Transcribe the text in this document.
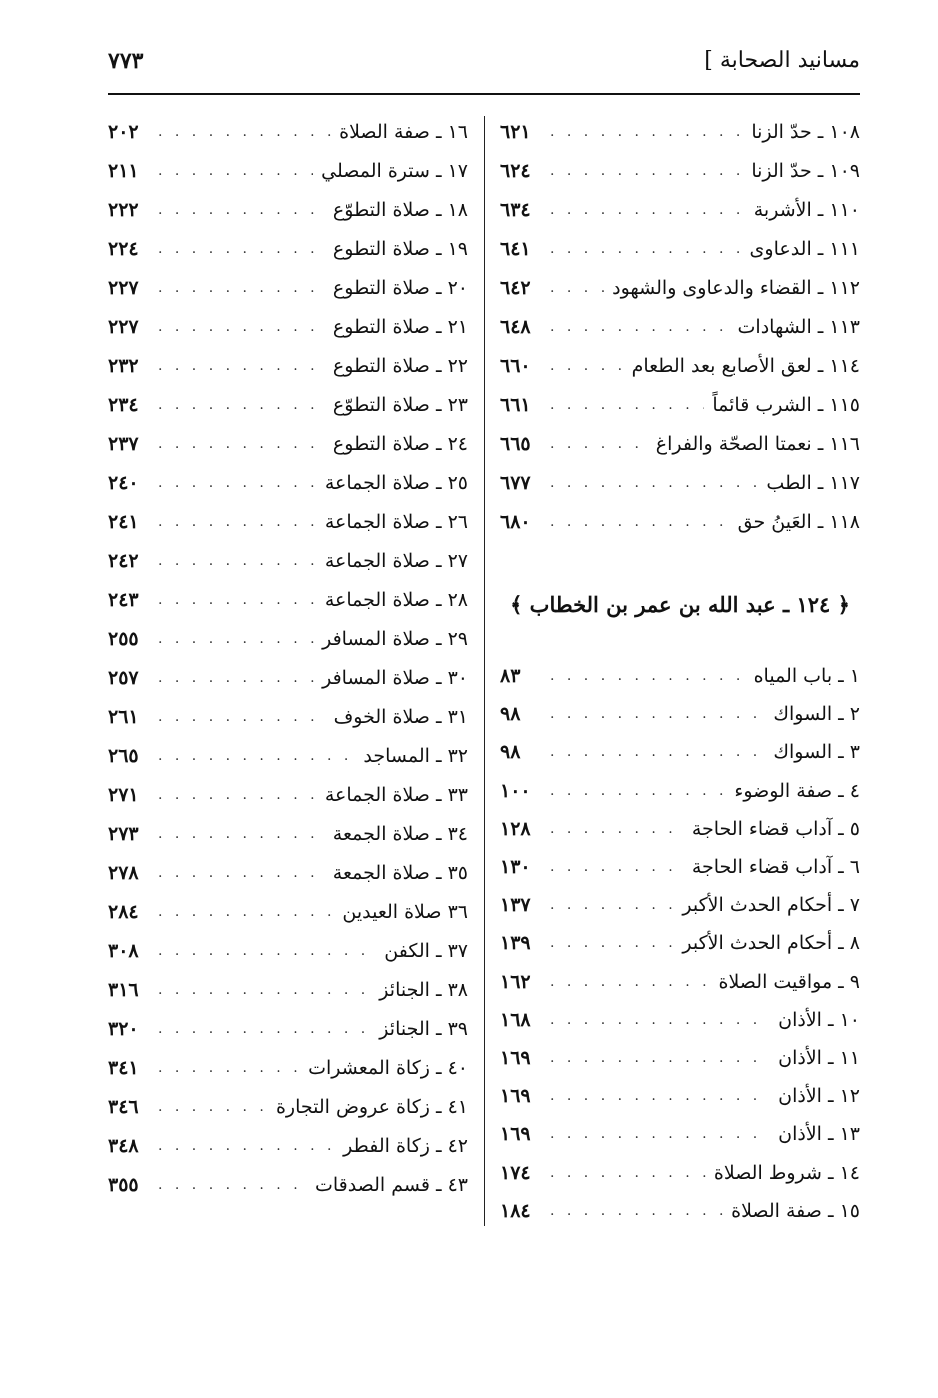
مسانيد الصحابة ]
٧٧٣
﴿ ١٢٤ ـ عبد الله بن عمر بن الخطاب ﴾
١٠٨ ـ حدّ الزنا
. . .
٦٢١
١٠٩ ـ حدّ الزنا
. . .
٦٢٤
١١٠ ـ الأشربة
. . .
٦٣٤
١١١ ـ الدعاوى
. . .
٦٤١
١١٢ ـ القضاء والدعاوى والشهود
. . .
٦٤٢
١١٣ ـ الشهادات
. . .
٦٤٨
١١٤ ـ لعق الأصابع بعد الطعام
. . .
٦٦٠
١١٥ ـ الشرب قائماً
. . .
٦٦١
١١٦ ـ نعمتا الصحّة والفراغ
. . .
٦٦٥
١١٧ ـ الطب
. . .
٦٧٧
١١٨ ـ العَينُ حق
. . .
٦٨٠
١ ـ باب المياه
. . .
٨٣
٢ ـ السواك
. . .
٩٨
٣ ـ السواك
. . .
٩٨
٤ ـ صفة الوضوء
. . .
١٠٠
٥ ـ آداب قضاء الحاجة
. . .
١٢٨
٦ ـ آداب قضاء الحاجة
. . .
١٣٠
٧ ـ أحكام الحدث الأكبر
. . .
١٣٧
٨ ـ أحكام الحدث الأكبر
. . .
١٣٩
٩ ـ مواقيت الصلاة
. . .
١٦٢
١٠ ـ الأذان
. . .
١٦٨
١١ ـ الأذان
. . .
١٦٩
١٢ ـ الأذان
. . .
١٦٩
١٣ ـ الأذان
. . .
١٦٩
١٤ ـ شروط الصلاة
. . .
١٧٤
١٥ ـ صفة الصلاة
. . .
١٨٤
١٦ ـ صفة الصلاة
. . .
٢٠٢
١٧ ـ سترة المصلي
. . .
٢١١
١٨ ـ صلاة التطوّع
. . .
٢٢٢
١٩ ـ صلاة التطوع
. . .
٢٢٤
٢٠ ـ صلاة التطوع
. . .
٢٢٧
٢١ ـ صلاة التطوع
. . .
٢٢٧
٢٢ ـ صلاة التطوع
. . .
٢٣٢
٢٣ ـ صلاة التطوّع
. . .
٢٣٤
٢٤ ـ صلاة التطوع
. . .
٢٣٧
٢٥ ـ صلاة الجماعة
. . .
٢٤٠
٢٦ ـ صلاة الجماعة
. . .
٢٤١
٢٧ ـ صلاة الجماعة
. . .
٢٤٢
٢٨ ـ صلاة الجماعة
. . .
٢٤٣
٢٩ ـ صلاة المسافر
. . .
٢٥٥
٣٠ ـ صلاة المسافر
. . .
٢٥٧
٣١ ـ صلاة الخوف
. . .
٢٦١
٣٢ ـ المساجد
. . .
٢٦٥
٣٣ ـ صلاة الجماعة
. . .
٢٧١
٣٤ ـ صلاة الجمعة
. . .
٢٧٣
٣٥ ـ صلاة الجمعة
. . .
٢٧٨
٣٦ صلاة العيدين
. . .
٢٨٤
٣٧ ـ الكفن
. . .
٣٠٨
٣٨ ـ الجنائز
. . .
٣١٦
٣٩ ـ الجنائز
. . .
٣٢٠
٤٠ ـ زكاة المعشرات
. . .
٣٤١
٤١ ـ زكاة عروض التجارة
. . .
٣٤٦
٤٢ ـ زكاة الفطر
. . .
٣٤٨
٤٣ ـ قسم الصدقات
. . .
٣٥٥
